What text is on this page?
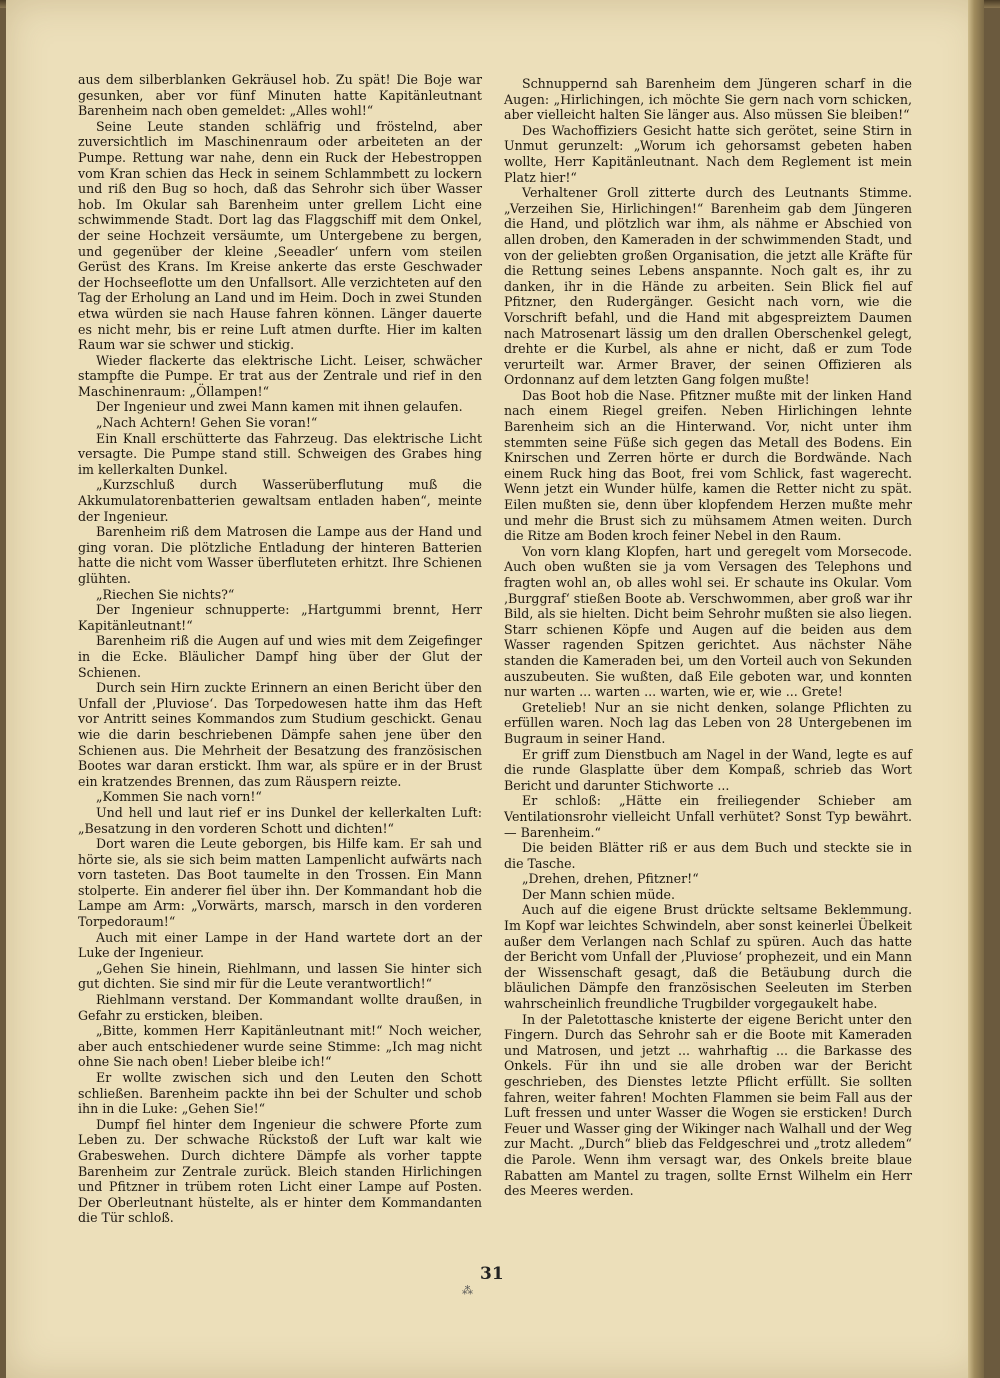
aus dem silberblanken Gekräusel hob. Zu spät! Die Boje war gesunken, aber vor fünf Minuten hatte Kapitänleutnant Barenheim nach oben gemeldet: „Alles wohl!“

Seine Leute standen schläfrig und fröstelnd, aber zuversichtlich im Maschinenraum oder arbeiteten an der Pumpe. Rettung war nahe, denn ein Ruck der Hebestroppen vom Kran schien das Heck in seinem Schlammbett zu lockern und riß den Bug so hoch, daß das Sehrohr sich über Wasser hob. Im Okular sah Barenheim unter grellem Licht eine schwimmende Stadt. Dort lag das Flaggschiff mit dem Onkel, der seine Hochzeit versäumte, um Untergebene zu bergen, und gegenüber der kleine ‚Seeadler‘ unfern vom steilen Gerüst des Krans. Im Kreise ankerte das erste Geschwader der Hochseeflotte um den Unfallsort. Alle verzichteten auf den Tag der Erholung an Land und im Heim. Doch in zwei Stunden etwa würden sie nach Hause fahren können. Länger dauerte es nicht mehr, bis er reine Luft atmen durfte. Hier im kalten Raum war sie schwer und stickig.

Wieder flackerte das elektrische Licht. Leiser, schwächer stampfte die Pumpe. Er trat aus der Zentrale und rief in den Maschinenraum: „Öllampen!“

Der Ingenieur und zwei Mann kamen mit ihnen gelaufen.

„Nach Achtern! Gehen Sie voran!“

Ein Knall erschütterte das Fahrzeug. Das elektrische Licht versagte. Die Pumpe stand still. Schweigen des Grabes hing im kellerkalten Dunkel.

„Kurzschluß durch Wasserüberflutung muß die Akkumulatorenbatterien gewaltsam entladen haben“, meinte der Ingenieur.

Barenheim riß dem Matrosen die Lampe aus der Hand und ging voran. Die plötzliche Entladung der hinteren Batterien hatte die nicht vom Wasser überfluteten erhitzt. Ihre Schienen glühten.

„Riechen Sie nichts?“

Der Ingenieur schnupperte: „Hartgummi brennt, Herr Kapitänleutnant!“

Barenheim riß die Augen auf und wies mit dem Zeigefinger in die Ecke. Bläulicher Dampf hing über der Glut der Schienen.

Durch sein Hirn zuckte Erinnern an einen Bericht über den Unfall der ‚Pluviose‘. Das Torpedowesen hatte ihm das Heft vor Antritt seines Kommandos zum Studium geschickt. Genau wie die darin beschriebenen Dämpfe sahen jene über den Schienen aus. Die Mehrheit der Besatzung des französischen Bootes war daran erstickt. Ihm war, als spüre er in der Brust ein kratzendes Brennen, das zum Räuspern reizte.

„Kommen Sie nach vorn!“

Und hell und laut rief er ins Dunkel der kellerkalten Luft: „Besatzung in den vorderen Schott und dichten!“

Dort waren die Leute geborgen, bis Hilfe kam. Er sah und hörte sie, als sie sich beim matten Lampenlicht aufwärts nach vorn tasteten. Das Boot taumelte in den Trossen. Ein Mann stolperte. Ein anderer fiel über ihn. Der Kommandant hob die Lampe am Arm: „Vorwärts, marsch, marsch in den vorderen Torpedoraum!“

Auch mit einer Lampe in der Hand wartete dort an der Luke der Ingenieur.

„Gehen Sie hinein, Riehlmann, und lassen Sie hinter sich gut dichten. Sie sind mir für die Leute verantwortlich!“

Riehlmann verstand. Der Kommandant wollte draußen, in Gefahr zu ersticken, bleiben.

„Bitte, kommen Herr Kapitänleutnant mit!“ Noch weicher, aber auch entschiedener wurde seine Stimme: „Ich mag nicht ohne Sie nach oben! Lieber bleibe ich!“

Er wollte zwischen sich und den Leuten den Schott schließen. Barenheim packte ihn bei der Schulter und schob ihn in die Luke: „Gehen Sie!“

Dumpf fiel hinter dem Ingenieur die schwere Pforte zum Leben zu. Der schwache Rückstoß der Luft war kalt wie Grabeswehen. Durch dichtere Dämpfe als vorher tappte Barenheim zur Zentrale zurück. Bleich standen Hirlichingen und Pfitzner in trübem roten Licht einer Lampe auf Posten. Der Oberleutnant hüstelte, als er hinter dem Kommandanten die Tür schloß.

Schnuppernd sah Barenheim dem Jüngeren scharf in die Augen: „Hirlichingen, ich möchte Sie gern nach vorn schicken, aber vielleicht halten Sie länger aus. Also müssen Sie bleiben!“

Des Wachoffiziers Gesicht hatte sich gerötet, seine Stirn in Unmut gerunzelt: „Worum ich gehorsamst gebeten haben wollte, Herr Kapitänleutnant. Nach dem Reglement ist mein Platz hier!“

Verhaltener Groll zitterte durch des Leutnants Stimme. „Verzeihen Sie, Hirlichingen!“ Barenheim gab dem Jüngeren die Hand, und plötzlich war ihm, als nähme er Abschied von allen droben, den Kameraden in der schwimmenden Stadt, und von der geliebten großen Organisation, die jetzt alle Kräfte für die Rettung seines Lebens anspannte. Noch galt es, ihr zu danken, ihr in die Hände zu arbeiten. Sein Blick fiel auf Pfitzner, den Rudergänger. Gesicht nach vorn, wie die Vorschrift befahl, und die Hand mit abgespreiztem Daumen nach Matrosenart lässig um den drallen Oberschenkel gelegt, drehte er die Kurbel, als ahne er nicht, daß er zum Tode verurteilt war. Armer Braver, der seinen Offizieren als Ordonnanz auf dem letzten Gang folgen mußte!

Das Boot hob die Nase. Pfitzner mußte mit der linken Hand nach einem Riegel greifen. Neben Hirlichingen lehnte Barenheim sich an die Hinterwand. Vor, nicht unter ihm stemmten seine Füße sich gegen das Metall des Bodens. Ein Knirschen und Zerren hörte er durch die Bordwände. Nach einem Ruck hing das Boot, frei vom Schlick, fast wagerecht. Wenn jetzt ein Wunder hülfe, kamen die Retter nicht zu spät. Eilen mußten sie, denn über klopfendem Herzen mußte mehr und mehr die Brust sich zu mühsamem Atmen weiten. Durch die Ritze am Boden kroch feiner Nebel in den Raum.

Von vorn klang Klopfen, hart und geregelt vom Morsecode. Auch oben wußten sie ja vom Versagen des Telephons und fragten wohl an, ob alles wohl sei. Er schaute ins Okular. Vom ‚Burggraf‘ stießen Boote ab. Verschwommen, aber groß war ihr Bild, als sie hielten. Dicht beim Sehrohr mußten sie also liegen. Starr schienen Köpfe und Augen auf die beiden aus dem Wasser ragenden Spitzen gerichtet. Aus nächster Nähe standen die Kameraden bei, um den Vorteil auch von Sekunden auszubeuten. Sie wußten, daß Eile geboten war, und konnten nur warten ... warten ... warten, wie er, wie ... Grete!

Gretelieb! Nur an sie nicht denken, solange Pflichten zu erfüllen waren. Noch lag das Leben von 28 Untergebenen im Bugraum in seiner Hand.

Er griff zum Dienstbuch am Nagel in der Wand, legte es auf die runde Glasplatte über dem Kompaß, schrieb das Wort Bericht und darunter Stichworte ...

Er schloß: „Hätte ein freiliegender Schieber am Ventilationsrohr vielleicht Unfall verhütet? Sonst Typ bewährt. — Barenheim.“

Die beiden Blätter riß er aus dem Buch und steckte sie in die Tasche.

„Drehen, drehen, Pfitzner!“

Der Mann schien müde.

Auch auf die eigene Brust drückte seltsame Beklemmung. Im Kopf war leichtes Schwindeln, aber sonst keinerlei Übelkeit außer dem Verlangen nach Schlaf zu spüren. Auch das hatte der Bericht vom Unfall der ‚Pluviose‘ prophezeit, und ein Mann der Wissenschaft gesagt, daß die Betäubung durch die bläulichen Dämpfe den französischen Seeleuten im Sterben wahrscheinlich freundliche Trugbilder vorgegaukelt habe.

In der Paletottasche knisterte der eigene Bericht unter den Fingern. Durch das Sehrohr sah er die Boote mit Kameraden und Matrosen, und jetzt ... wahrhaftig ... die Barkasse des Onkels. Für ihn und sie alle droben war der Bericht geschrieben, des Dienstes letzte Pflicht erfüllt. Sie sollten fahren, weiter fahren! Mochten Flammen sie beim Fall aus der Luft fressen und unter Wasser die Wogen sie ersticken! Durch Feuer und Wasser ging der Wikinger nach Walhall und der Weg zur Macht. „Durch“ blieb das Feldgeschrei und „trotz alledem“ die Parole. Wenn ihm versagt war, des Onkels breite blaue Rabatten am Mantel zu tragen, sollte Ernst Wilhelm ein Herr des Meeres werden.

31
⁂
